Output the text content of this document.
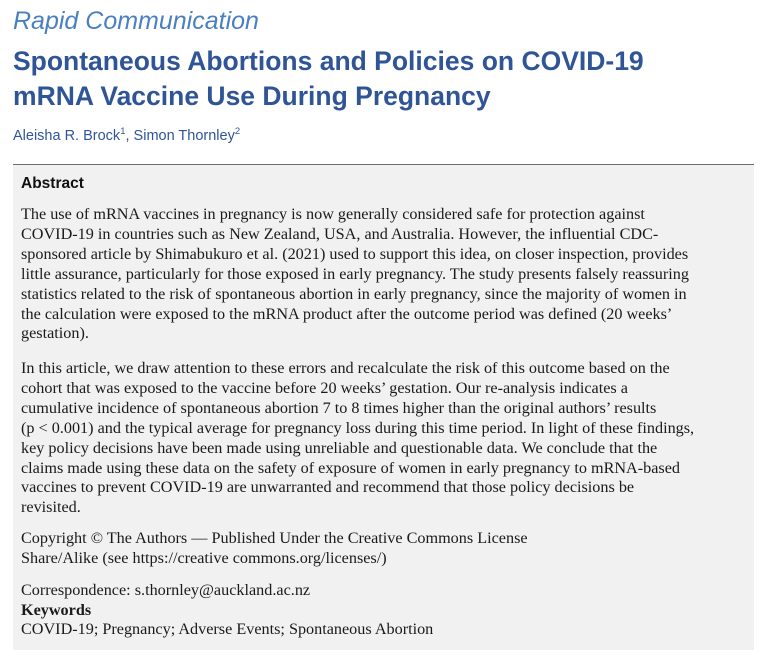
Rapid Communication
Spontaneous Abortions and Policies on COVID-19
mRNA Vaccine Use During Pregnancy
Aleisha R. Brock$^1$, Simon Thornley$^2$
Abstract

The use of mRNA vaccines in pregnancy is now generally considered safe for protection against
COVID-19 in countries such as New Zealand, USA, and Australia. However, the influential CDC-
sponsored article by Shimabukuro et al. (2021) used to support this idea, on closer inspection, provides
little assurance, particularly for those exposed in early pregnancy. The study presents falsely reassuring
statistics related to the risk of spontaneous abortion in early pregnancy, since the majority of women in
the calculation were exposed to the mRNA product after the outcome period was defined (20 weeks’
gestation).

In this article, we draw attention to these errors and recalculate the risk of this outcome based on the
cohort that was exposed to the vaccine before 20 weeks’ gestation. Our re-analysis indicates a
cumulative incidence of spontaneous abortion 7 to 8 times higher than the original authors’ results
(p < 0.001) and the typical average for pregnancy loss during this time period. In light of these findings,
key policy decisions have been made using unreliable and questionable data. We conclude that the
claims made using these data on the safety of exposure of women in early pregnancy to mRNA-based
vaccines to prevent COVID-19 are unwarranted and recommend that those policy decisions be
revisited.

Copyright © The Authors — Published Under the Creative Commons License
Share/Alike (see https://creative commons.org/licenses/)

Correspondence: s.thornley@auckland.ac.nz

Keywords

COVID-19; Pregnancy; Adverse Events; Spontaneous Abortion
